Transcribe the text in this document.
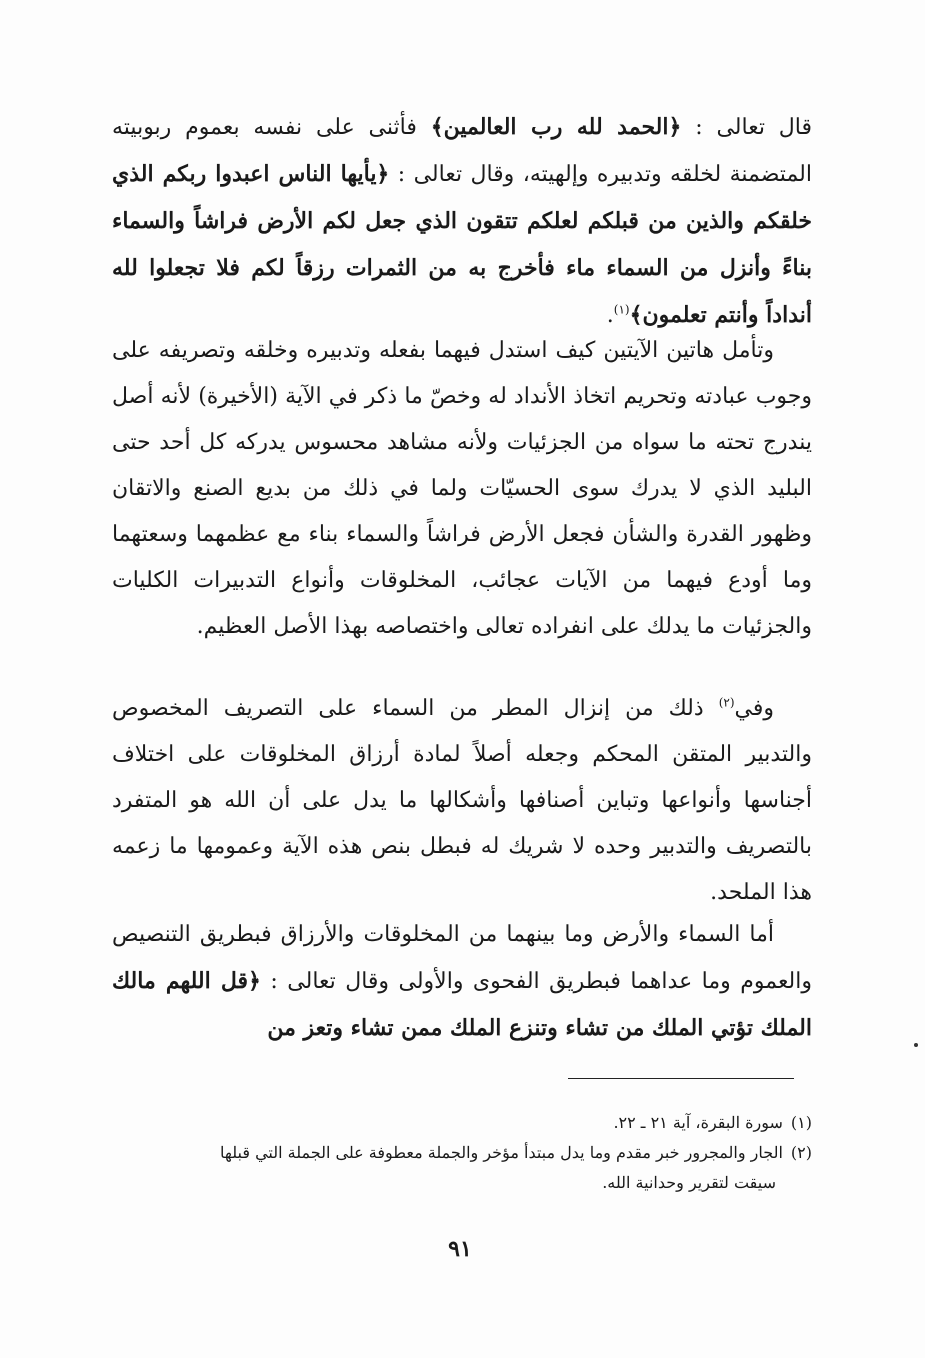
قال تعالى : ﴿الحمد لله رب العالمين﴾ فأثنى على نفسه بعموم ربوبيته المتضمنة لخلقه وتدبيره وإلهيته، وقال تعالى : ﴿يأيها الناس اعبدوا ربكم الذي خلقكم والذين من قبلكم لعلكم تتقون الذي جعل لكم الأرض فراشاً والسماء بناءً وأنزل من السماء ماء فأخرج به من الثمرات رزقاً لكم فلا تجعلوا لله أنداداً وأنتم تعلمون﴾$^{(١)}$.

وتأمل هاتين الآيتين كيف استدل فيهما بفعله وتدبيره وخلقه وتصريفه على وجوب عبادته وتحريم اتخاذ الأنداد له وخصّ ما ذكر في الآية (الأخيرة) لأنه أصل يندرج تحته ما سواه من الجزئيات ولأنه مشاهد محسوس يدركه كل أحد حتى البليد الذي لا يدرك سوى الحسيّات ولما في ذلك من بديع الصنع والاتقان وظهور القدرة والشأن فجعل الأرض فراشاً والسماء بناء مع عظمهما وسعتهما وما أودع فيهما من الآيات عجائب، المخلوقات وأنواع التدبيرات الكليات والجزئيات ما يدلك على انفراده تعالى واختصاصه بهذا الأصل العظيم.

وفي$^{(٢)}$ ذلك من إنزال المطر من السماء على التصريف المخصوص والتدبير المتقن المحكم وجعله أصلاً لمادة أرزاق المخلوقات على اختلاف أجناسها وأنواعها وتباين أصنافها وأشكالها ما يدل على أن الله هو المتفرد بالتصريف والتدبير وحده لا شريك له فبطل بنص هذه الآية وعمومها ما زعمه هذا الملحد.

أما السماء والأرض وما بينهما من المخلوقات والأرزاق فبطريق التنصيص والعموم وما عداهما فبطريق الفحوى والأولى وقال تعالى : ﴿قل اللهم مالك الملك تؤتي الملك من تشاء وتنزع الملك ممن تشاء وتعز من

(١)سورة البقرة، آية ٢١ ـ ٢٢.

(٢)الجار والمجرور خبر مقدم وما يدل مبتدأ مؤخر والجملة معطوفة على الجملة التي قبلها

سيقت لتقرير وحدانية الله.

٩١
